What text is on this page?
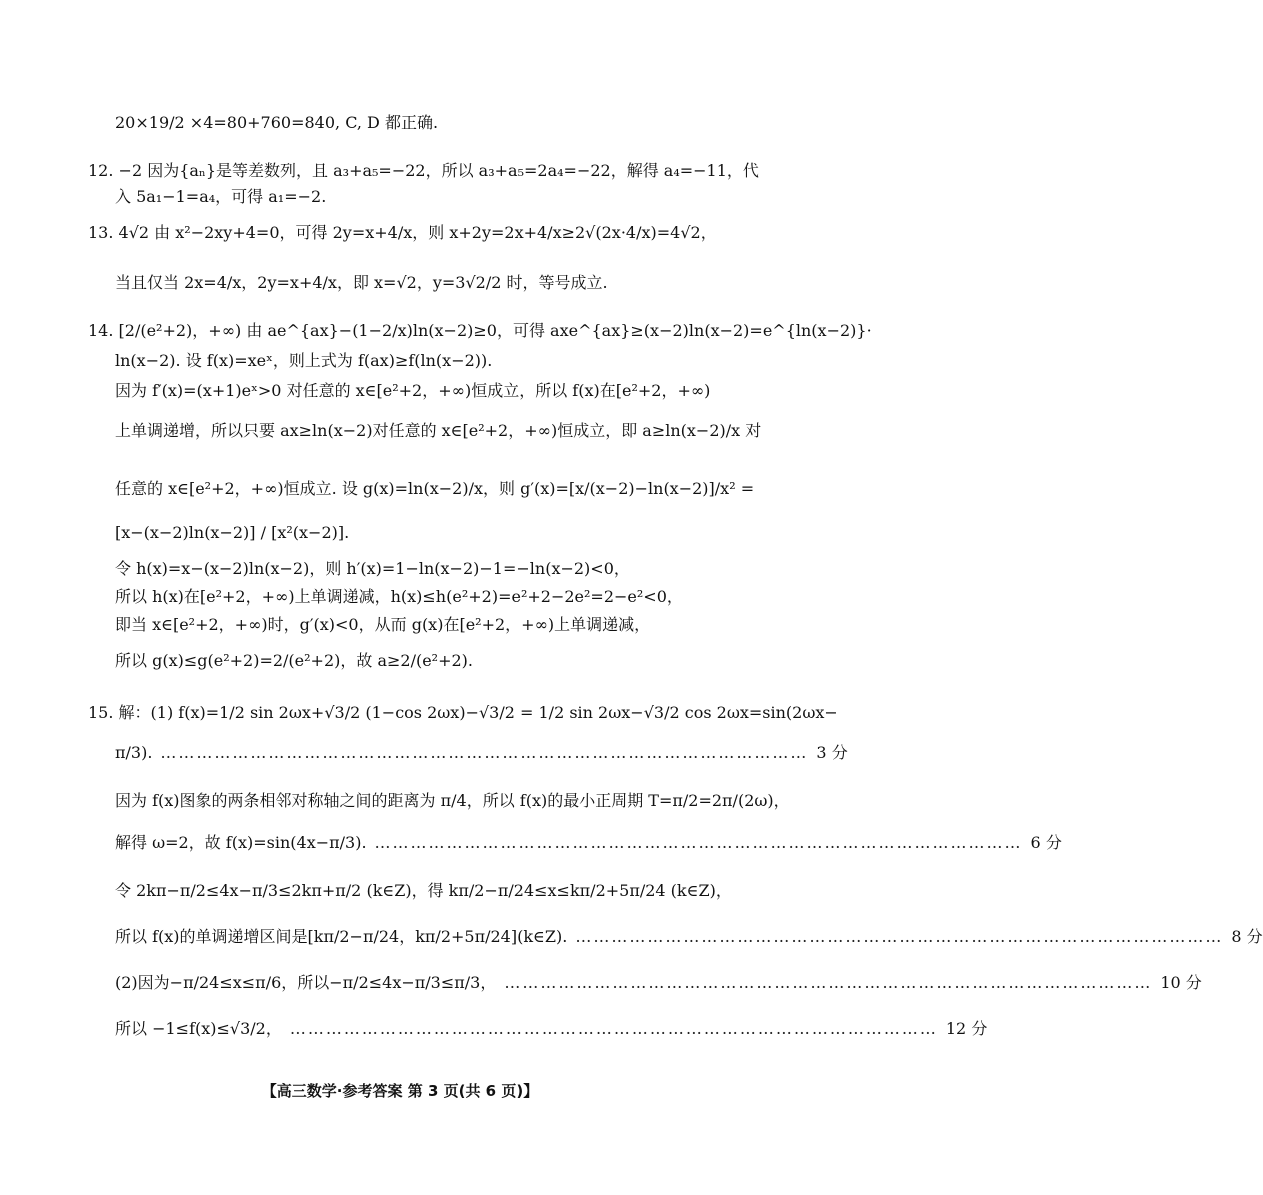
20×19/2 ×4=80+760=840, C, D 都正确.
12. −2 因为{aₙ}是等差数列，且 a₃+a₅=−22，所以 a₃+a₅=2a₄=−22，解得 a₄=−11，代
入 5a₁−1=a₄，可得 a₁=−2.
13. 4√2 由 x²−2xy+4=0，可得 2y=x+4/x，则 x+2y=2x+4/x≥2√(2x·4/x)=4√2，
当且仅当 2x=4/x，2y=x+4/x，即 x=√2，y=3√2/2 时，等号成立.
14. [2/(e²+2)，+∞) 由 ae^{ax}−(1−2/x)ln(x−2)≥0，可得 axe^{ax}≥(x−2)ln(x−2)=e^{ln(x−2)}·
ln(x−2). 设 f(x)=xeˣ，则上式为 f(ax)≥f(ln(x−2)).
因为 f′(x)=(x+1)eˣ>0 对任意的 x∈[e²+2，+∞)恒成立，所以 f(x)在[e²+2，+∞)
上单调递增，所以只要 ax≥ln(x−2)对任意的 x∈[e²+2，+∞)恒成立，即 a≥ln(x−2)/x 对
任意的 x∈[e²+2，+∞)恒成立. 设 g(x)=ln(x−2)/x，则 g′(x)=[x/(x−2)−ln(x−2)]/x² =
[x−(x−2)ln(x−2)] / [x²(x−2)].
令 h(x)=x−(x−2)ln(x−2)，则 h′(x)=1−ln(x−2)−1=−ln(x−2)<0，
所以 h(x)在[e²+2，+∞)上单调递减，h(x)≤h(e²+2)=e²+2−2e²=2−e²<0，
即当 x∈[e²+2，+∞)时，g′(x)<0，从而 g(x)在[e²+2，+∞)上单调递减，
所以 g(x)≤g(e²+2)=2/(e²+2)，故 a≥2/(e²+2).
15. 解：(1) f(x)=1/2 sin 2ωx+√3/2 (1−cos 2ωx)−√3/2 = 1/2 sin 2ωx−√3/2 cos 2ωx=sin(2ωx−
π/3). ……………………………………………………………………………………………… 3 分
因为 f(x)图象的两条相邻对称轴之间的距离为 π/4，所以 f(x)的最小正周期 T=π/2=2π/(2ω)，
解得 ω=2，故 f(x)=sin(4x−π/3). ……………………………………………………………………………………………… 6 分
令 2kπ−π/2≤4x−π/3≤2kπ+π/2 (k∈Z)，得 kπ/2−π/24≤x≤kπ/2+5π/24 (k∈Z)，
所以 f(x)的单调递增区间是[kπ/2−π/24，kπ/2+5π/24](k∈Z). ……………………………………………………………………………………………… 8 分
(2)因为−π/24≤x≤π/6，所以−π/2≤4x−π/3≤π/3， ……………………………………………………………………………………………… 10 分
所以 −1≤f(x)≤√3/2， ……………………………………………………………………………………………… 12 分
【高三数学·参考答案 第 3 页(共 6 页)】
